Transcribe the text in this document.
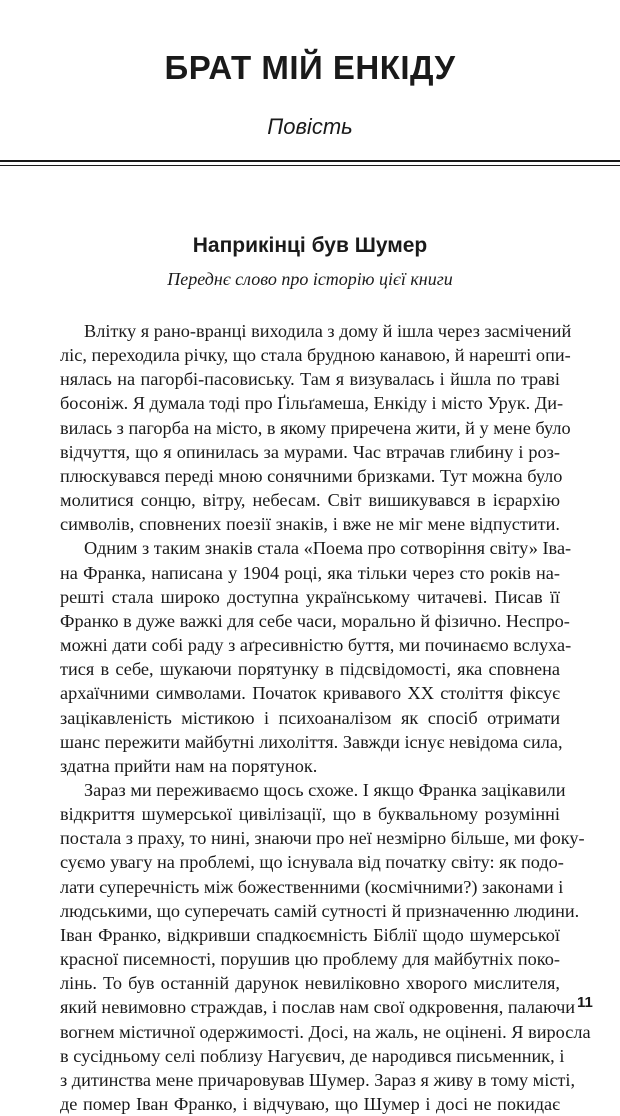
БРАТ МІЙ ЕНКІДУ
Повість
Наприкінці був Шумер
Переднє слово про історію цієї книги
Влітку я рано-вранці виходила з дому й ішла через засмічений
ліс, переходила річку, що стала брудною канавою, й нарешті опи-
нялась на пагорбі-пасовиську. Там я визувалась і йшла по траві
босоніж. Я думала тоді про Ґільґамеша, Енкіду і місто Урук. Ди-
вилась з пагорба на місто, в якому приречена жити, й у мене було
відчуття, що я опинилась за мурами. Час втрачав глибину і роз-
плюскувався переді мною сонячними бризками. Тут можна було
молитися сонцю, вітру, небесам. Світ вишикувався в ієрархію
символів, сповнених поезії знаків, і вже не міг мене відпустити.
Одним з таким знаків стала «Поема про сотворіння світу» Іва-
на Франка, написана у 1904 році, яка тільки через сто років на-
решті стала широко доступна українському читачеві. Писав її
Франко в дуже важкі для себе часи, морально й фізично. Неспро-
можні дати собі раду з аґресивністю буття, ми починаємо вслуха-
тися в себе, шукаючи порятунку в підсвідомості, яка сповнена
архаїчними символами. Початок кривавого ХХ століття фіксує
зацікавленість містикою і психоаналізом як спосіб отримати
шанс пережити майбутні лихоліття. Завжди існує невідома сила,
здатна прийти нам на порятунок.
Зараз ми переживаємо щось схоже. І якщо Франка зацікавили
відкриття шумерської цивілізації, що в буквальному розумінні
постала з праху, то нині, знаючи про неї незмірно більше, ми фоку-
суємо увагу на проблемі, що існувала від початку світу: як подо-
лати суперечність між божественними (космічними?) законами і
людськими, що суперечать самій сутності й призначенню людини.
Іван Франко, відкривши спадкоємність Біблії щодо шумерської
красної писемності, порушив цю проблему для майбутніх поко-
лінь. То був останній дарунок невиліковно хворого мислителя,
який невимовно страждав, і послав нам свої одкровення, палаючи
вогнем містичної одержимості. Досі, на жаль, не оцінені. Я виросла
в сусідньому селі поблизу Нагуєвич, де народився письменник, і
з дитинства мене причаровував Шумер. Зараз я живу в тому місті,
де помер Іван Франко, і відчуваю, що Шумер і досі не покидає
11
